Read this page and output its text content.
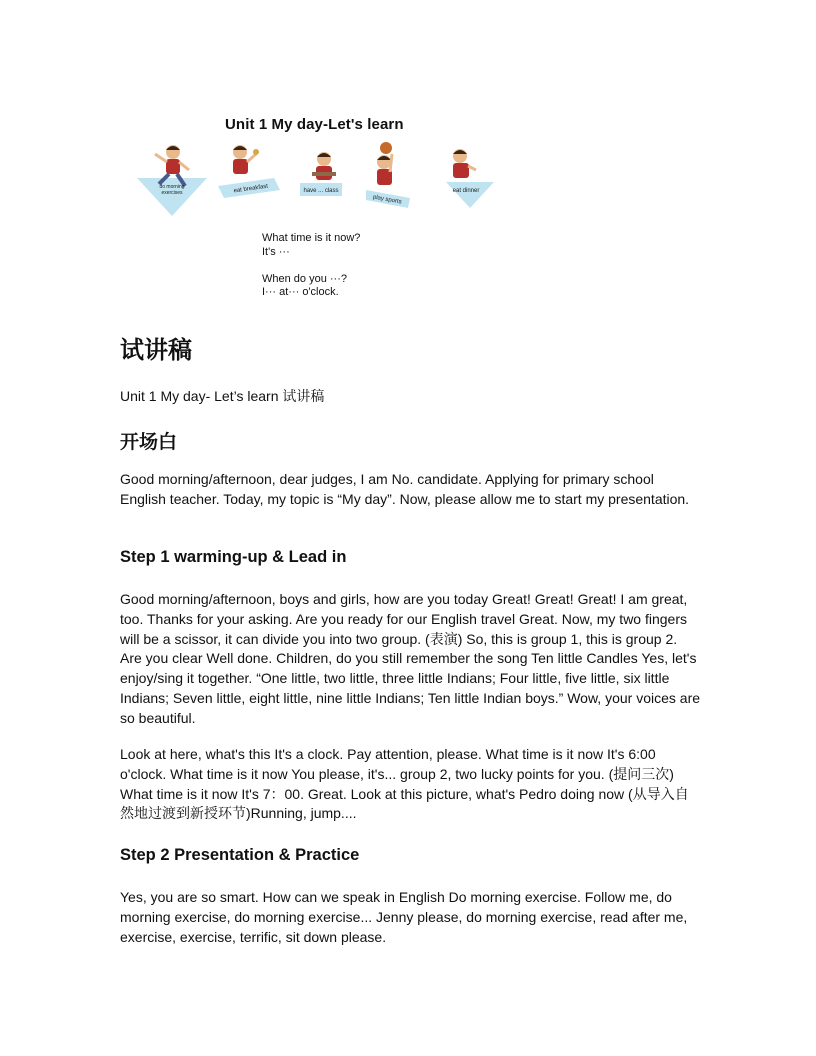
Unit 1 My day-Let's learn
do morning
exercises	eat breakfast	have ... class
play sports
eat dinner
What time is it now?
It's ···
When do you ···?
I··· at··· o'clock.
试讲稿
Unit 1 My day- Let’s learn 试讲稿
开场白
Good morning/afternoon, dear judges, I am No. candidate. Applying for primary school English teacher. Today, my topic is “My day”. Now, please allow me to start my presentation.
Step 1 warming-up & Lead in
Good morning/afternoon, boys and girls, how are you today Great! Great! Great! I am great, too. Thanks for your asking. Are you ready for our English travel Great. Now, my two fingers will be a scissor, it can divide you into two group. (表演) So, this is group 1, this is group 2. Are you clear Well done. Children, do you still remember the song Ten little Candles Yes, let's enjoy/sing it together. “One little, two little, three little Indians; Four little, five little, six little Indians; Seven little, eight little, nine little Indians; Ten little Indian boys.” Wow, your voices are so beautiful.
Look at here, what's this It's a clock. Pay attention, please. What time is it now It's 6:00 o'clock. What time is it now You please, it's... group 2, two lucky points for you. (提问三次) What time is it now It's 7：00. Great. Look at this picture, what's Pedro doing now (从导入自然地过渡到新授环节)Running, jump....
Step 2 Presentation & Practice
Yes, you are so smart. How can we speak in English Do morning exercise. Follow me, do morning exercise, do morning exercise... Jenny please, do morning exercise, read after me, exercise, exercise, terrific, sit down please.
